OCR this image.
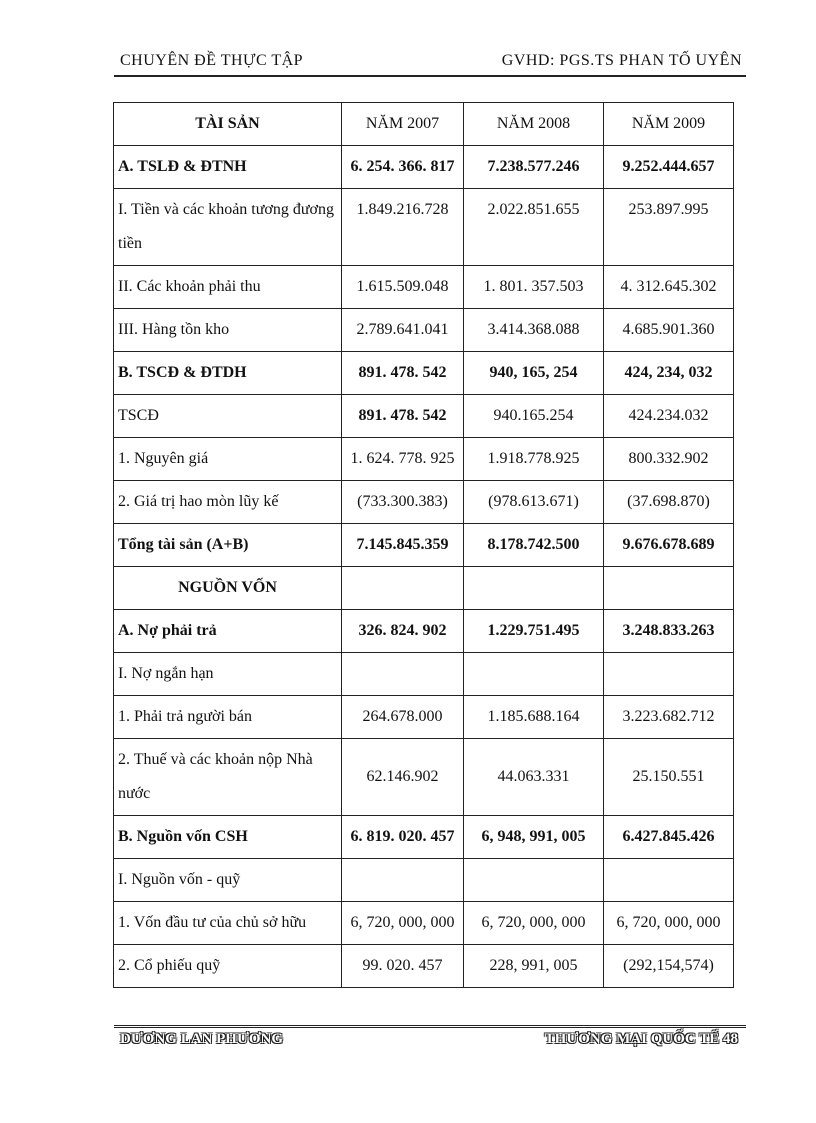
CHUYÊN ĐỀ THỰC TẬP	GVHD: PGS.TS PHAN TỐ UYÊN
TÀI SẢN	NĂM 2007	NĂM 2008	NĂM 2009
A. TSLĐ & ĐTNH	6. 254. 366. 817	7.238.577.246	9.252.444.657
I. Tiền và các khoản tương đương tiền	1.849.216.728	2.022.851.655	253.897.995
II. Các khoản phải thu	1.615.509.048	1. 801. 357.503	4. 312.645.302
III. Hàng tồn kho	2.789.641.041	3.414.368.088	4.685.901.360
B. TSCĐ & ĐTDH	891. 478. 542	940, 165, 254	424, 234, 032
TSCĐ	891. 478. 542	940.165.254	424.234.032
1. Nguyên giá	1. 624. 778. 925	1.918.778.925	800.332.902
2. Giá trị hao mòn lũy kế	(733.300.383)	(978.613.671)	(37.698.870)
Tổng tài sản (A+B)	7.145.845.359	8.178.742.500	9.676.678.689
NGUỒN VỐN			
A. Nợ phải trả	326. 824. 902	1.229.751.495	3.248.833.263
I. Nợ ngắn hạn			
1. Phải trả người bán	264.678.000	1.185.688.164	3.223.682.712
2. Thuế và các khoản nộp Nhà nước	62.146.902	44.063.331	25.150.551
B. Nguồn vốn CSH	6. 819. 020. 457	6, 948, 991, 005	6.427.845.426
I. Nguồn vốn - quỹ			
1. Vốn đầu tư của chủ sở hữu	6, 720, 000, 000	6, 720, 000, 000	6, 720, 000, 000
2. Cổ phiếu quỹ	99. 020. 457	228, 991, 005	(292,154,574)
DƯƠNG LAN PHƯƠNG	THƯƠNG MẠI QUỐC TẾ 48
